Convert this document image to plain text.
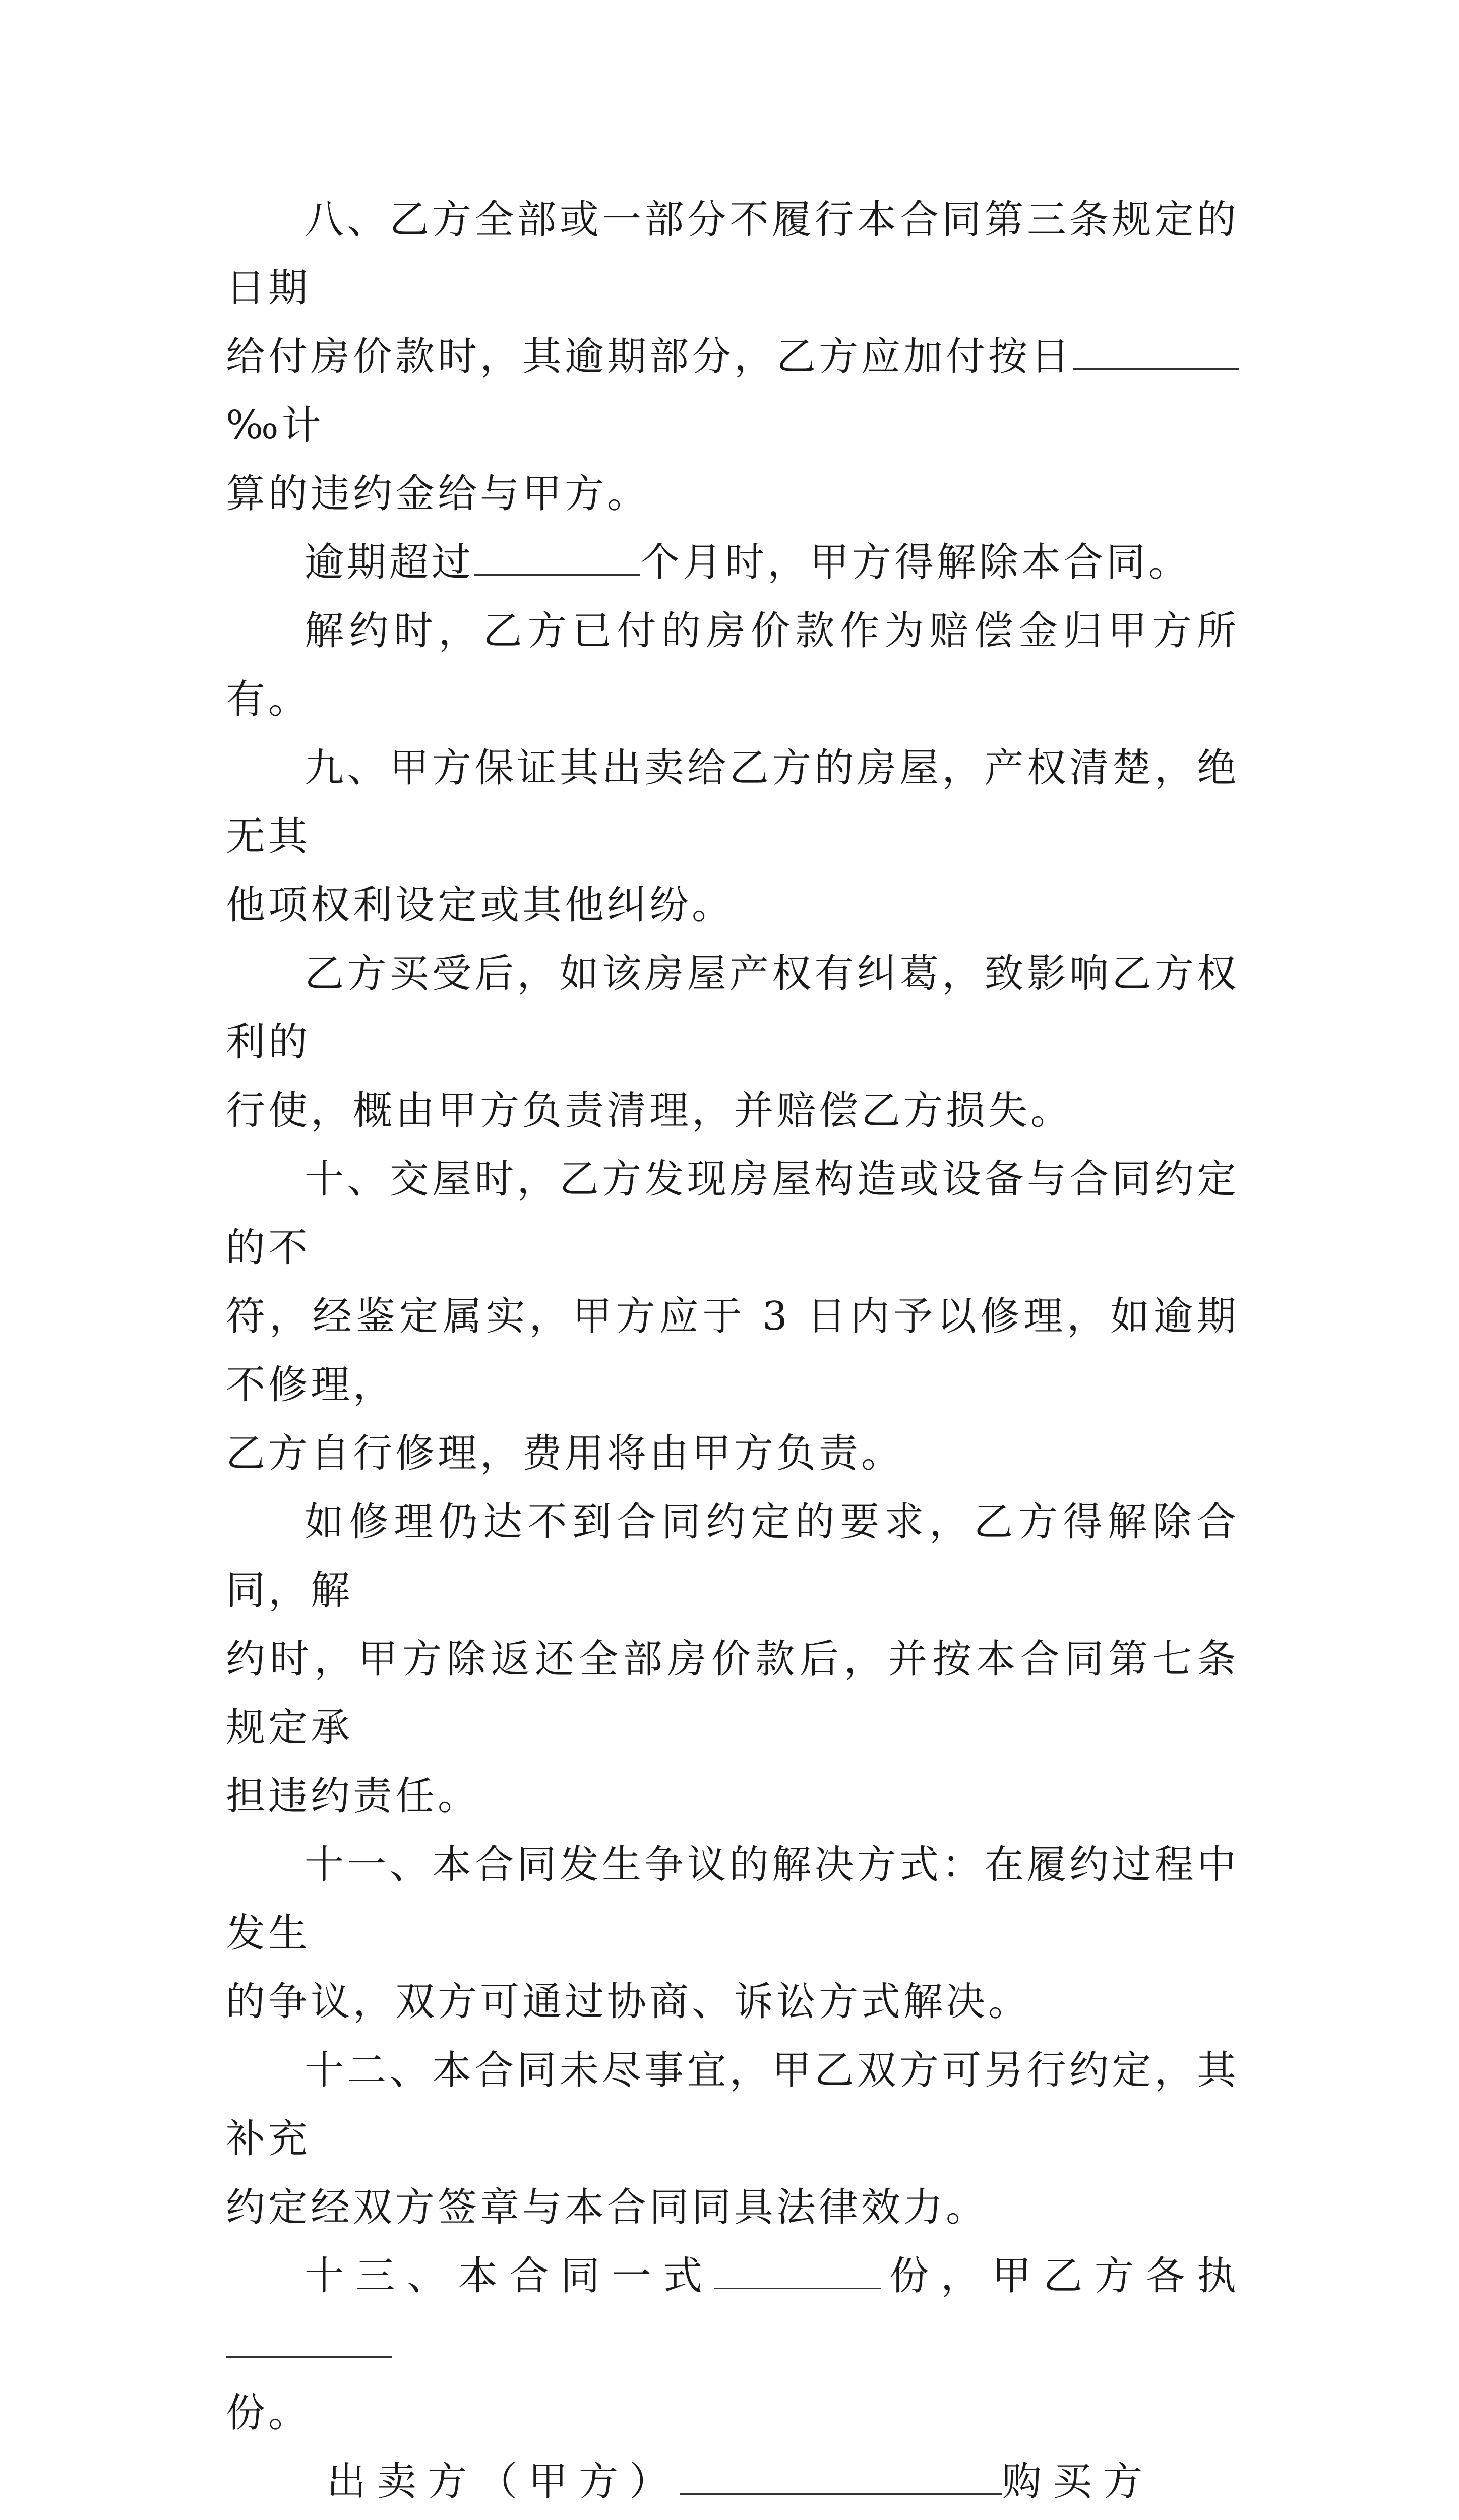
八、乙方全部或一部分不履行本合同第三条规定的日期
给付房价款时，其逾期部分，乙方应加付按日‰计
算的违约金给与甲方。

逾期超过	个月时，甲方得解除本合同。

解约时，乙方已付的房价款作为赔偿金归甲方所有。

九、甲方保证其出卖给乙方的房屋，产权清楚，绝无其
他项权利设定或其他纠纷。

乙方买受后，如该房屋产权有纠葛，致影响乙方权利的
行使，概由甲方负责清理，并赔偿乙方损失。

十、交屋时，乙方发现房屋构造或设备与合同约定的不
符，经鉴定属实，甲方应于 3 日内予以修理，如逾期不修理，
乙方自行修理，费用将由甲方负责。

如修理仍达不到合同约定的要求，乙方得解除合同，解
约时，甲方除返还全部房价款后，并按本合同第七条规定承
担违约责任。

十一、本合同发生争议的解决方式：在履约过程中发生
的争议，双方可通过协商、诉讼方式解决。

十二、本合同未尽事宜，甲乙双方可另行约定，其补充
约定经双方签章与本合同同具法律效力。

十三、本合同一式	份，甲乙方各执
份。

出卖方（甲方）	购买方
